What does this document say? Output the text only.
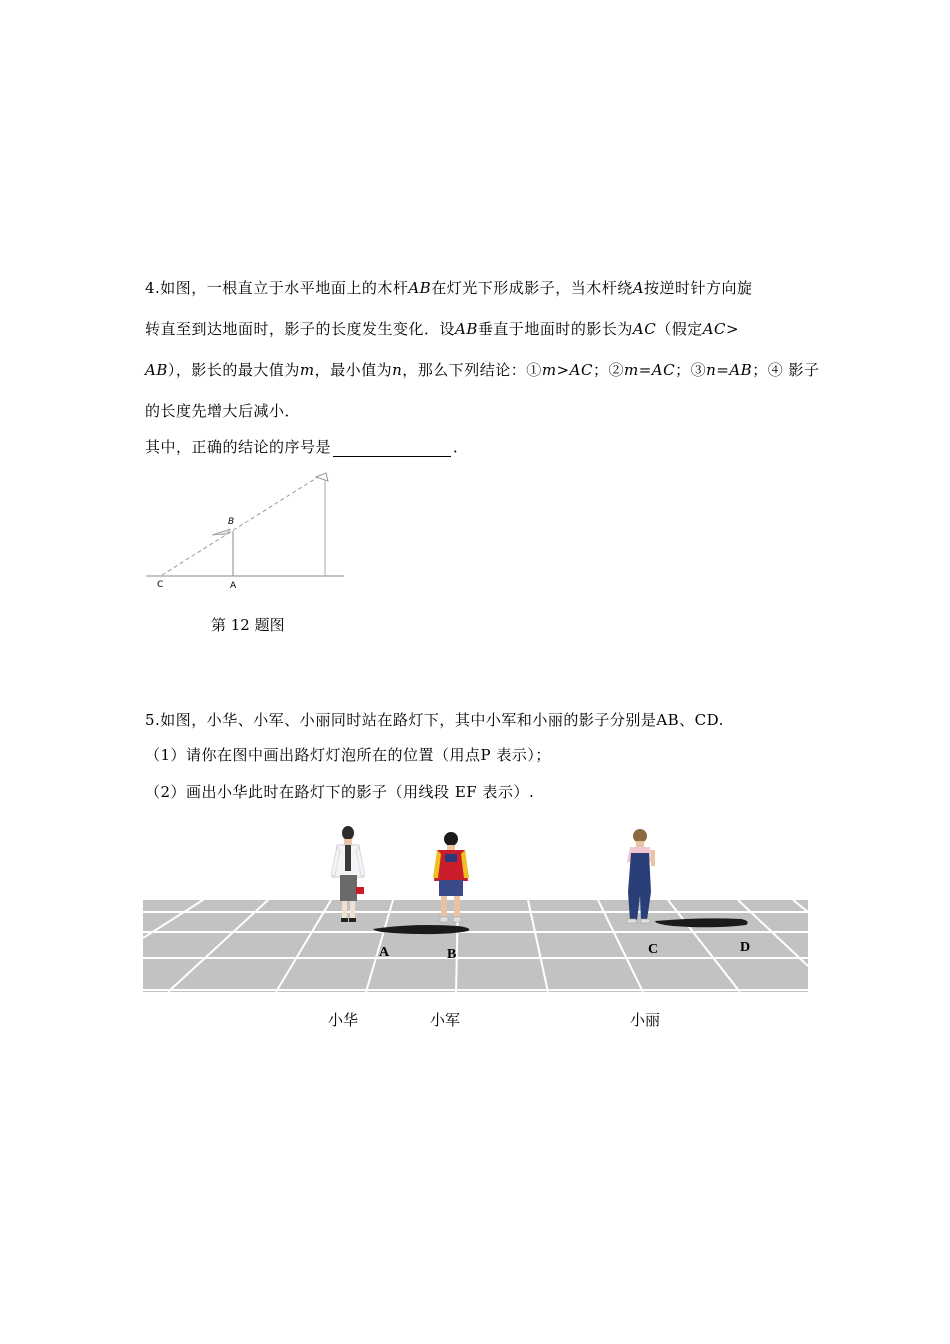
4.如图，一根直立于水平地面上的木杆AB在灯光下形成影子，当木杆绕A按逆时针方向旋
转直至到达地面时，影子的长度发生变化．设AB垂直于地面时的影长为AC（假定AC>
AB），影长的最大值为m，最小值为n，那么下列结论：①m>AC；②m=AC；③n=AB；④ 影子
的长度先增大后减小．
其中，正确的结论的序号是	．
B
C	A
第 12 题图
5.如图，小华、小军、小丽同时站在路灯下，其中小军和小丽的影子分别是AB、CD.
（1）请你在图中画出路灯灯泡所在的位置（用点P 表示）；
（2）画出小华此时在路灯下的影子（用线段 EF 表示）.
A	B	C	D
小华	小军	小丽
